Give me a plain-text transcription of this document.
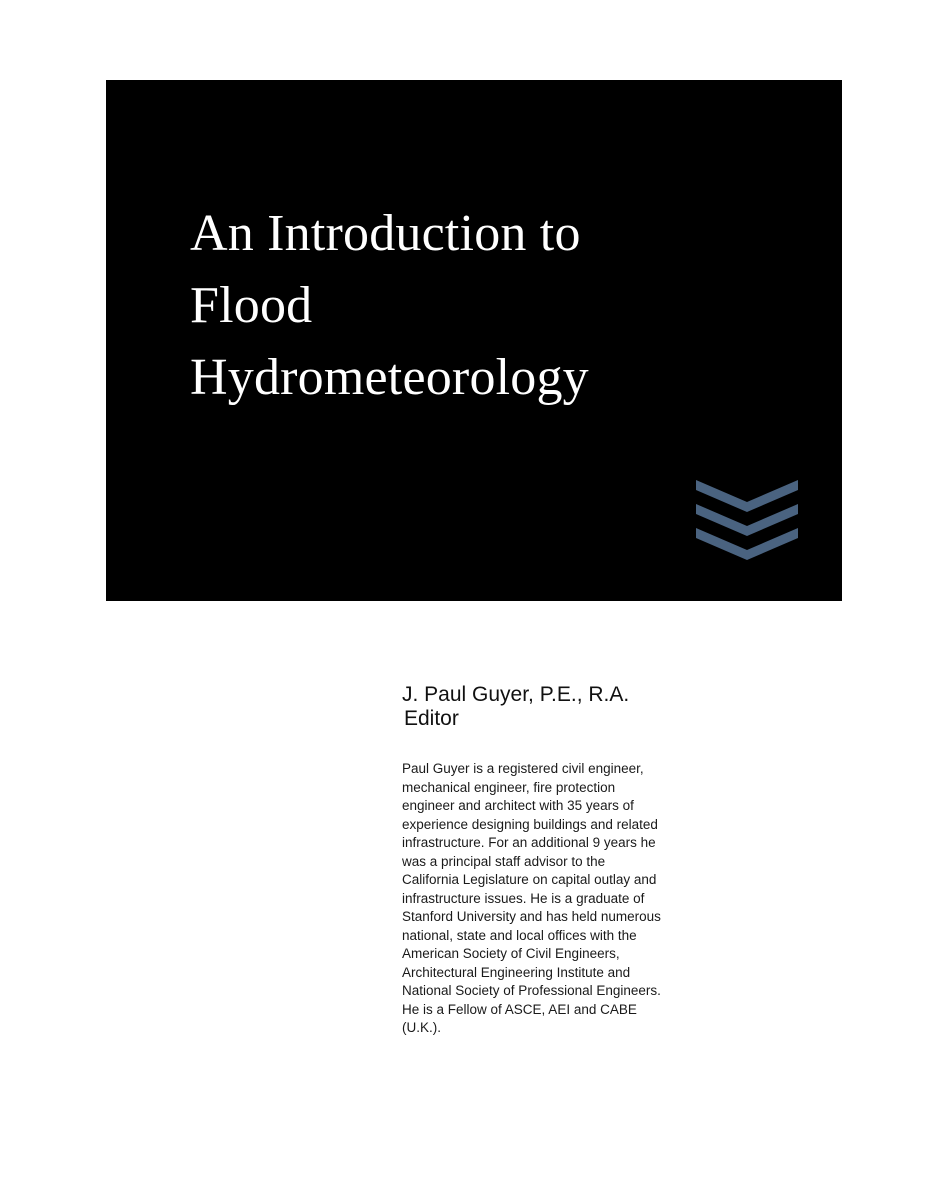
An Introduction to
Flood
Hydrometeorology
J. Paul Guyer, P.E., R.A.
Editor
Paul Guyer is a registered civil engineer,
mechanical engineer, fire protection
engineer and architect with 35 years of
experience designing buildings and related
infrastructure. For an additional 9 years he
was a principal staff advisor to the
California Legislature on capital outlay and
infrastructure issues. He is a graduate of
Stanford University and has held numerous
national, state and local offices with the
American Society of Civil Engineers,
Architectural Engineering Institute and
National Society of Professional Engineers.
He is a Fellow of ASCE, AEI and CABE
(U.K.).
